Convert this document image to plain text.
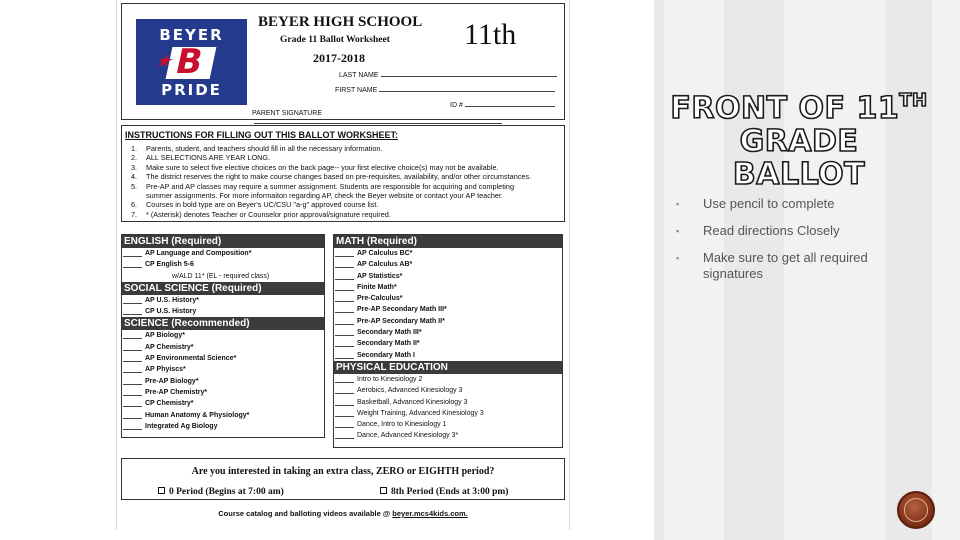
BEYER
B
★
PRIDE
BEYER HIGH SCHOOL
Grade 11 Ballot Worksheet
2017-2018
11th
LAST NAME
FIRST NAME
ID #
PARENT SIGNATURE
INSTRUCTIONS FOR FILLING OUT THIS BALLOT WORKSHEET:
1.	Parents, student, and teachers should fill in all the necessary information.
2.	ALL SELECTIONS ARE YEAR LONG.
3.	Make sure to select five elective choices on the back page-- your first elective choice(s) may not be available.
4.	The district reserves the right to make course changes based on pre-requisites, availability, and/or other circumstances.
5.	Pre-AP and AP classes may require a summer assignment. Students are responsible for acquiring and completing
summer assignments. For more informaiton regarding AP, check the Beyer website or contact your AP teacher.
6.	Courses in bold type are on Beyer's UC/CSU "a-g" approved course list.
7.	* (Asterisk) denotes Teacher or Counselor prior approval/signature required.
ENGLISH (Required)
AP Language and Composition*
CP English 5-6
w/ALD 11* (EL - required class)
SOCIAL SCIENCE (Required)
AP U.S. History*
CP U.S. History
SCIENCE (Recommended)
AP Biology*
AP Chemistry*
AP Environmental Science*
AP Phyiscs*
Pre-AP Biology*
Pre-AP Chemistry*
CP Chemistry*
Human Anatomy & Physiology*
Integrated Ag Biology
MATH (Required)
AP Calculus BC*
AP Calculus AB*
AP Statistics*
Finite Math*
Pre-Calculus*
Pre-AP Secondary Math III*
Pre-AP Secondary Math II*
Secondary Math III*
Secondary Math II*
Secondary Math I
PHYSICAL EDUCATION
Intro to Kinesiology 2
Aerobics, Advanced Kinesiology 3
Basketball, Advanced Kinesiology 3
Weight Training, Advanced Kinesiology 3
Dance, Intro to Kinesiology 1
Dance, Advanced Kinesiology 3*
Are you interested in taking an extra class, ZERO or EIGHTH period?
0 Period (Begins at 7:00 am)	8th Period (Ends at 3:00 pm)
Course catalog and balloting videos available @ beyer.mcs4kids.com.
FRONT OF 11TH
GRADE
BALLOT
▪ Use pencil to complete
▪ Read directions Closely
▪ Make sure to get all required signatures
